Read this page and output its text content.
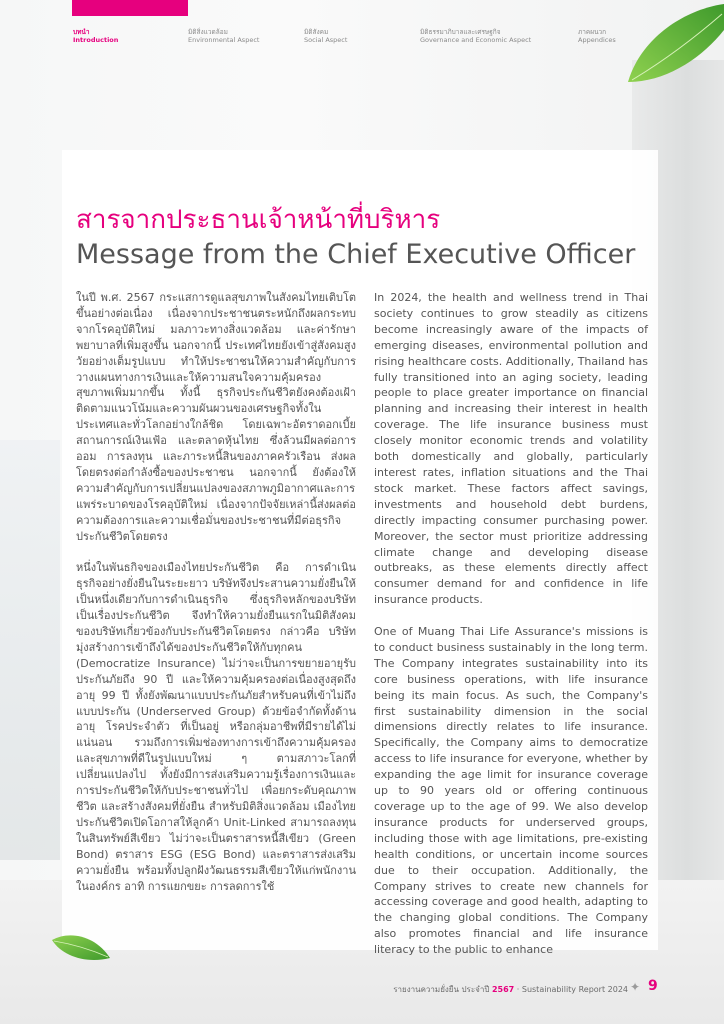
บทนำ
Introduction
มิติสิ่งแวดล้อม
Environmental Aspect
มิติสังคม
Social Aspect
มิติธรรมาภิบาลและเศรษฐกิจ
Governance and Economic Aspect
ภาคผนวก
Appendices
สารจากประธานเจ้าหน้าที่บริหาร
Message from the Chief Executive Officer

ในปี พ.ศ. 2567 กระแสการดูแลสุขภาพในสังคมไทยเติบโตขึ้นอย่างต่อเนื่อง เนื่องจากประชาชนตระหนักถึงผลกระทบจากโรคอุบัติใหม่ มลภาวะทางสิ่งแวดล้อม และค่ารักษาพยาบาลที่เพิ่มสูงขึ้น นอกจากนี้ ประเทศไทยยังเข้าสู่สังคมสูงวัยอย่างเต็มรูปแบบ ทำให้ประชาชนให้ความสำคัญกับการวางแผนทางการเงินและให้ความสนใจความคุ้มครองสุขภาพเพิ่มมากขึ้น ทั้งนี้ ธุรกิจประกันชีวิตยังคงต้องเฝ้าติดตามแนวโน้มและความผันผวนของเศรษฐกิจทั้งในประเทศและทั่วโลกอย่างใกล้ชิด โดยเฉพาะอัตราดอกเบี้ย สถานการณ์เงินเฟ้อ และตลาดหุ้นไทย ซึ่งล้วนมีผลต่อการออม การลงทุน และภาระหนี้สินของภาคครัวเรือน ส่งผลโดยตรงต่อกำลังซื้อของประชาชน นอกจากนี้ ยังต้องให้ความสำคัญกับการเปลี่ยนแปลงของสภาพภูมิอากาศและการแพร่ระบาดของโรคอุบัติใหม่ เนื่องจากปัจจัยเหล่านี้ส่งผลต่อความต้องการและความเชื่อมั่นของประชาชนที่มีต่อธุรกิจประกันชีวิตโดยตรง

หนึ่งในพันธกิจของเมืองไทยประกันชีวิต คือ การดำเนินธุรกิจอย่างยั่งยืนในระยะยาว บริษัทจึงประสานความยั่งยืนให้เป็นหนึ่งเดียวกับการดำเนินธุรกิจ ซึ่งธุรกิจหลักของบริษัทเป็นเรื่องประกันชีวิต จึงทำให้ความยั่งยืนแรกในมิติสังคมของบริษัทเกี่ยวข้องกับประกันชีวิตโดยตรง กล่าวคือ บริษัทมุ่งสร้างการเข้าถึงได้ของประกันชีวิตให้กับทุกคน (Democratize Insurance) ไม่ว่าจะเป็นการขยายอายุรับประกันภัยถึง 90 ปี และให้ความคุ้มครองต่อเนื่องสูงสุดถึงอายุ 99 ปี ทั้งยังพัฒนาแบบประกันภัยสำหรับคนที่เข้าไม่ถึงแบบประกัน (Underserved Group) ด้วยข้อจำกัดทั้งด้านอายุ โรคประจำตัว ที่เป็นอยู่ หรือกลุ่มอาชีพที่มีรายได้ไม่แน่นอน รวมถึงการเพิ่มช่องทางการเข้าถึงความคุ้มครองและสุขภาพที่ดีในรูปแบบใหม่ ๆ ตามสภาวะโลกที่เปลี่ยนแปลงไป ทั้งยังมีการส่งเสริมความรู้เรื่องการเงินและการประกันชีวิตให้กับประชาชนทั่วไป เพื่อยกระดับคุณภาพชีวิต และสร้างสังคมที่ยั่งยืน สำหรับมิติสิ่งแวดล้อม เมืองไทยประกันชีวิตเปิดโอกาสให้ลูกค้า Unit-Linked สามารถลงทุนในสินทรัพย์สีเขียว ไม่ว่าจะเป็นตราสารหนี้สีเขียว (Green Bond) ตราสาร ESG (ESG Bond) และตราสารส่งเสริมความยั่งยืน พร้อมทั้งปลูกฝังวัฒนธรรมสีเขียวให้แก่พนักงานในองค์กร อาทิ การแยกขยะ การลดการใช้

In 2024, the health and wellness trend in Thai society continues to grow steadily as citizens become increasingly aware of the impacts of emerging diseases, environmental pollution and rising healthcare costs. Additionally, Thailand has fully transitioned into an aging society, leading people to place greater importance on financial planning and increasing their interest in health coverage. The life insurance business must closely monitor economic trends and volatility both domestically and globally, particularly interest rates, inflation situations and the Thai stock market. These factors affect savings, investments and household debt burdens, directly impacting consumer purchasing power. Moreover, the sector must prioritize addressing climate change and developing disease outbreaks, as these elements directly affect consumer demand for and confidence in life insurance products.

One of Muang Thai Life Assurance's missions is to conduct business sustainably in the long term. The Company integrates sustainability into its core business operations, with life insurance being its main focus. As such, the Company's first sustainability dimension in the social dimensions directly relates to life insurance. Specifically, the Company aims to democratize access to life insurance for everyone, whether by expanding the age limit for insurance coverage up to 90 years old or offering continuous coverage up to the age of 99. We also develop insurance products for underserved groups, including those with age limitations, pre-existing health conditions, or uncertain income sources due to their occupation. Additionally, the Company strives to create new channels for accessing coverage and good health, adapting to the changing global conditions. The Company also promotes financial and life insurance literacy to the public to enhance

รายงานความยั่งยืน ประจำปี 2567 · Sustainability Report 2024 ✦ 9
